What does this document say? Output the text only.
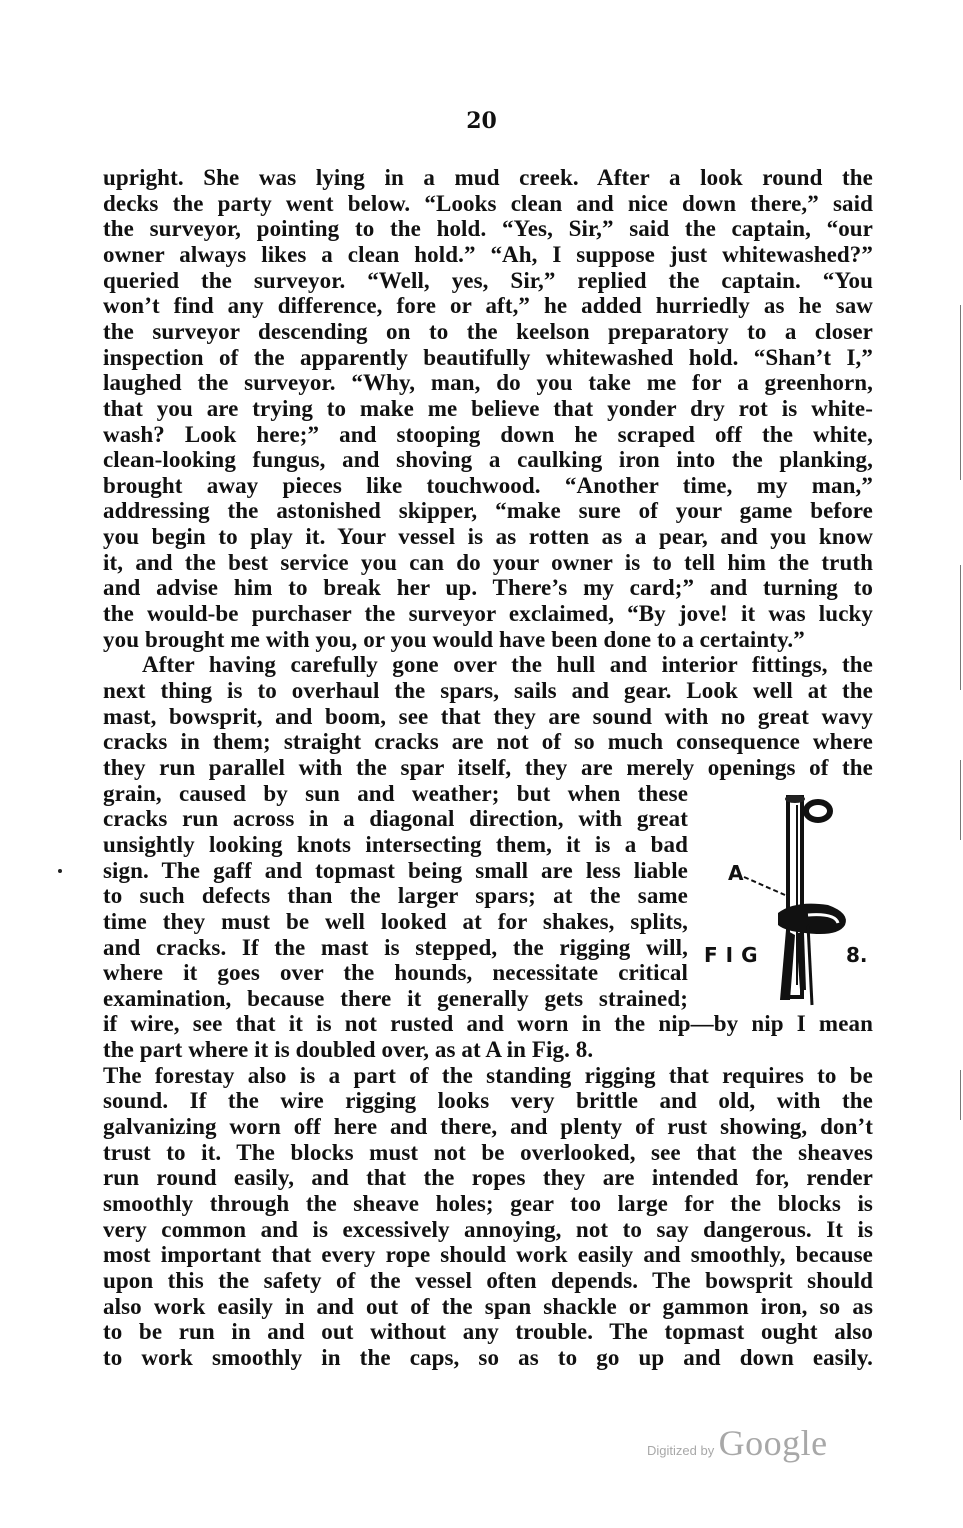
20
upright. She was lying in a mud creek. After a look round the
decks the party went below. “Looks clean and nice down there,” said
the surveyor, pointing to the hold. “Yes, Sir,” said the captain, “our
owner always likes a clean hold.” “Ah, I suppose just whitewashed?”
queried the surveyor. “Well, yes, Sir,” replied the captain. “You
won’t find any difference, fore or aft,” he added hurriedly as he saw
the surveyor descending on to the keelson preparatory to a closer
inspection of the apparently beautifully whitewashed hold. “Shan’t I,”
laughed the surveyor. “Why, man, do you take me for a greenhorn,
that you are trying to make me believe that yonder dry rot is white-
wash? Look here;” and stooping down he scraped off the white,
clean-looking fungus, and shoving a caulking iron into the planking,
brought away pieces like touchwood. “Another time, my man,”
addressing the astonished skipper, “make sure of your game before
you begin to play it. Your vessel is as rotten as a pear, and you know
it, and the best service you can do your owner is to tell him the truth
and advise him to break her up. There’s my card;” and turning to
the would-be purchaser the surveyor exclaimed, “By jove! it was lucky
you brought me with you, or you would have been done to a certainty.”
After having carefully gone over the hull and interior fittings, the
next thing is to overhaul the spars, sails and gear. Look well at the
mast, bowsprit, and boom, see that they are sound with no great wavy
cracks in them; straight cracks are not of so much consequence where
they run parallel with the spar itself, they are merely openings of the
grain, caused by sun and weather; but when these
cracks run across in a diagonal direction, with great
unsightly looking knots intersecting them, it is a bad
sign. The gaff and topmast being small are less liable
to such defects than the larger spars; at the same
time they must be well looked at for shakes, splits,
and cracks. If the mast is stepped, the rigging will,
where it goes over the hounds, necessitate critical
examination, because there it generally gets strained;
if wire, see that it is not rusted and worn in the nip—by nip I mean
the part where it is doubled over, as at A in Fig. 8.
The forestay also is a part of the standing rigging that requires to be
sound. If the wire rigging looks very brittle and old, with the
galvanizing worn off here and there, and plenty of rust showing, don’t
trust to it. The blocks must not be overlooked, see that the sheaves
run round easily, and that the ropes they are intended for, render
smoothly through the sheave holes; gear too large for the blocks is
very common and is excessively annoying, not to say dangerous. It is
most important that every rope should work easily and smoothly, because
upon this the safety of the vessel often depends. The bowsprit should
also work easily in and out of the span shackle or gammon iron, so as
to be run in and out without any trouble. The topmast ought also
to work smoothly in the caps, so as to go up and down easily.
A
FIG	8.
Digitized by Google
